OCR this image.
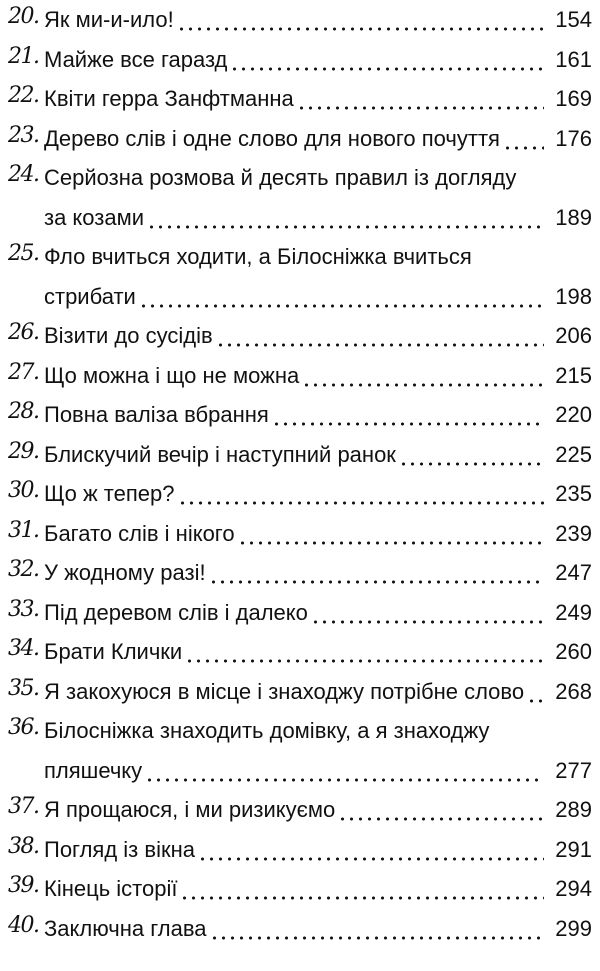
20. Як ми-и-ило!	154
21. Майже все гаразд	161
22. Квіти герра Занфтманна	169
23. Дерево слів і одне слово для нового почуття	176
24. Серйозна розмова й десять правил із догляду
за козами	189
25. Фло вчиться ходити, а Білосніжка вчиться
стрибати	198
26. Візити до сусідів	206
27. Що можна і що не можна	215
28. Повна валіза вбрання	220
29. Блискучий вечір і наступний ранок	225
30. Що ж тепер?	235
31. Багато слів і нікого	239
32. У жодному разі!	247
33. Під деревом слів і далеко	249
34. Брати Клички	260
35. Я закохуюся в місце і знаходжу потрібне слово	268
36. Білосніжка знаходить домівку, а я знаходжу
пляшечку	277
37. Я прощаюся, і ми ризикуємо	289
38. Погляд із вікна	291
39. Кінець історії	294
40. Заключна глава	299
